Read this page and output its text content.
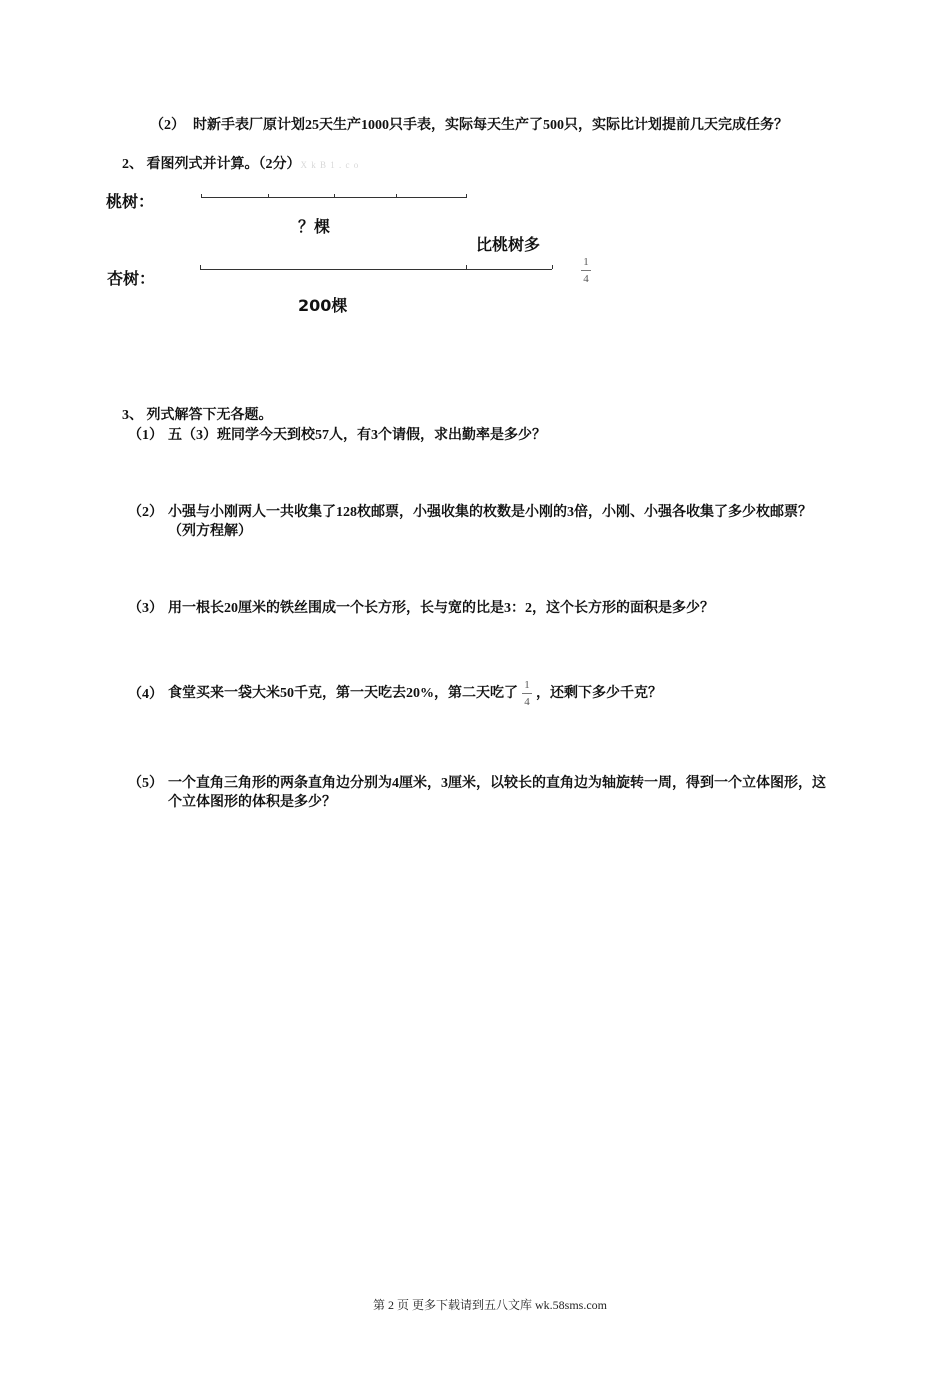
（2） 时新手表厂原计划25天生产1000只手表，实际每天生产了500只，实际比计划提前几天完成任务？
2、 看图列式并计算。（2分）X k B 1 . c o
桃树：
？棵
比桃树多
1
4
杏树：
200棵
3、 列式解答下无各题。
（1） 五（3）班同学今天到校57人，有3个请假，求出勤率是多少？
（2） 小强与小刚两人一共收集了128枚邮票，小强收集的枚数是小刚的3倍，小刚、小强各收集了多少枚邮票？
（列方程解）
（3） 用一根长20厘米的铁丝围成一个长方形，长与宽的比是3：2，这个长方形的面积是多少？
（4） 食堂买来一袋大米50千克，第一天吃去20%，第二天吃了 $\frac{1}{4}$ ，还剩下多少千克？
（5） 一个直角三角形的两条直角边分别为4厘米，3厘米，以较长的直角边为轴旋转一周，得到一个立体图形，这
个立体图形的体积是多少？
第 2 页 更多下载请到五八文库 wk.58sms.com
